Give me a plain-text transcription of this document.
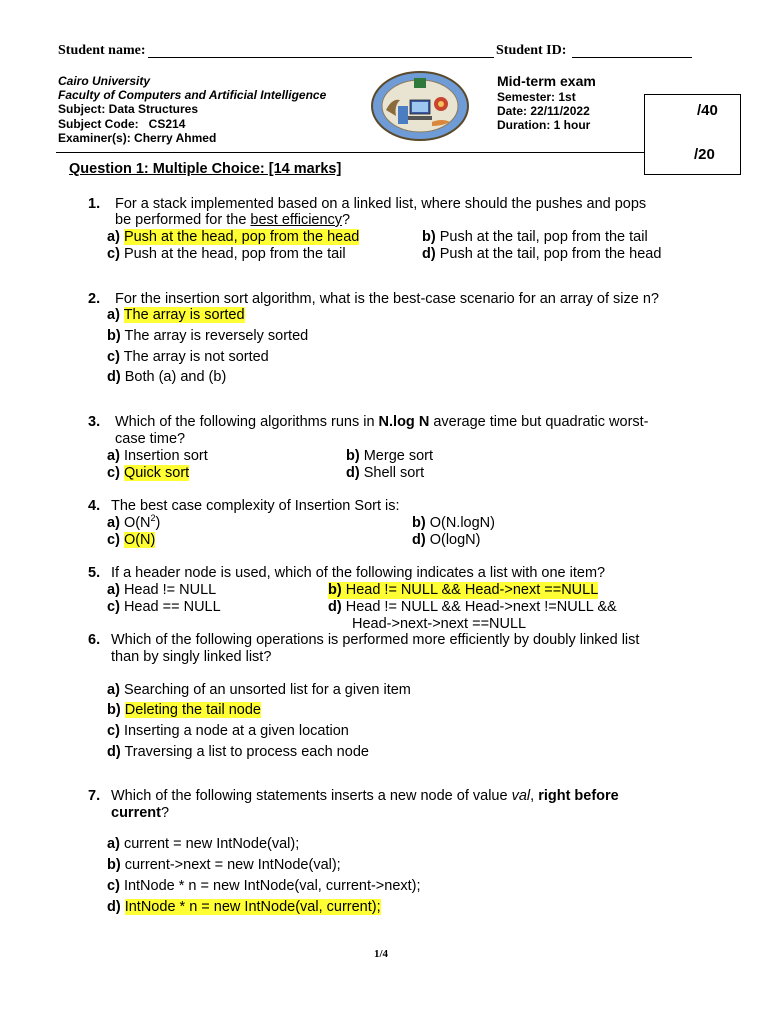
Student name:	Student ID:
Cairo University
Faculty of Computers and Artificial Intelligence
Subject: Data Structures
Subject Code:   CS214
Examiner(s): Cherry Ahmed
Mid-term exam
Semester: 1st
Date: 22/11/2022
Duration: 1 hour
/40
/20
Question 1: Multiple Choice: [14 marks]
1. For a stack implemented based on a linked list, where should the pushes and pops
be performed for the best efficiency?
a) Push at the head, pop from the head	b) Push at the tail, pop from the tail
c) Push at the head, pop from the tail	d) Push at the tail, pop from the head
2. For the insertion sort algorithm, what is the best-case scenario for an array of size n?
a) The array is sorted
b) The array is reversely sorted
c) The array is not sorted
d) Both (a) and (b)
3. Which of the following algorithms runs in N.log N average time but quadratic worst-
case time?
a) Insertion sort	b) Merge sort
c) Quick sort	d) Shell sort
4. The best case complexity of Insertion Sort is:
a) $O(N^2)$	b) O(N.logN)
c) O(N)	d) O(logN)
5. If a header node is used, which of the following indicates a list with one item?
a) Head != NULL	b) Head != NULL && Head->next ==NULL
c) Head == NULL	d) Head != NULL && Head->next !=NULL &&
Head->next->next ==NULL
6. Which of the following operations is performed more efficiently by doubly linked list
than by singly linked list?
a) Searching of an unsorted list for a given item
b) Deleting the tail node
c) Inserting a node at a given location
d) Traversing a list to process each node
7. Which of the following statements inserts a new node of value val, right before
current?
a) current = new IntNode(val);
b) current->next = new IntNode(val);
c) IntNode * n = new IntNode(val, current->next);
d) IntNode * n = new IntNode(val, current);
1/4
